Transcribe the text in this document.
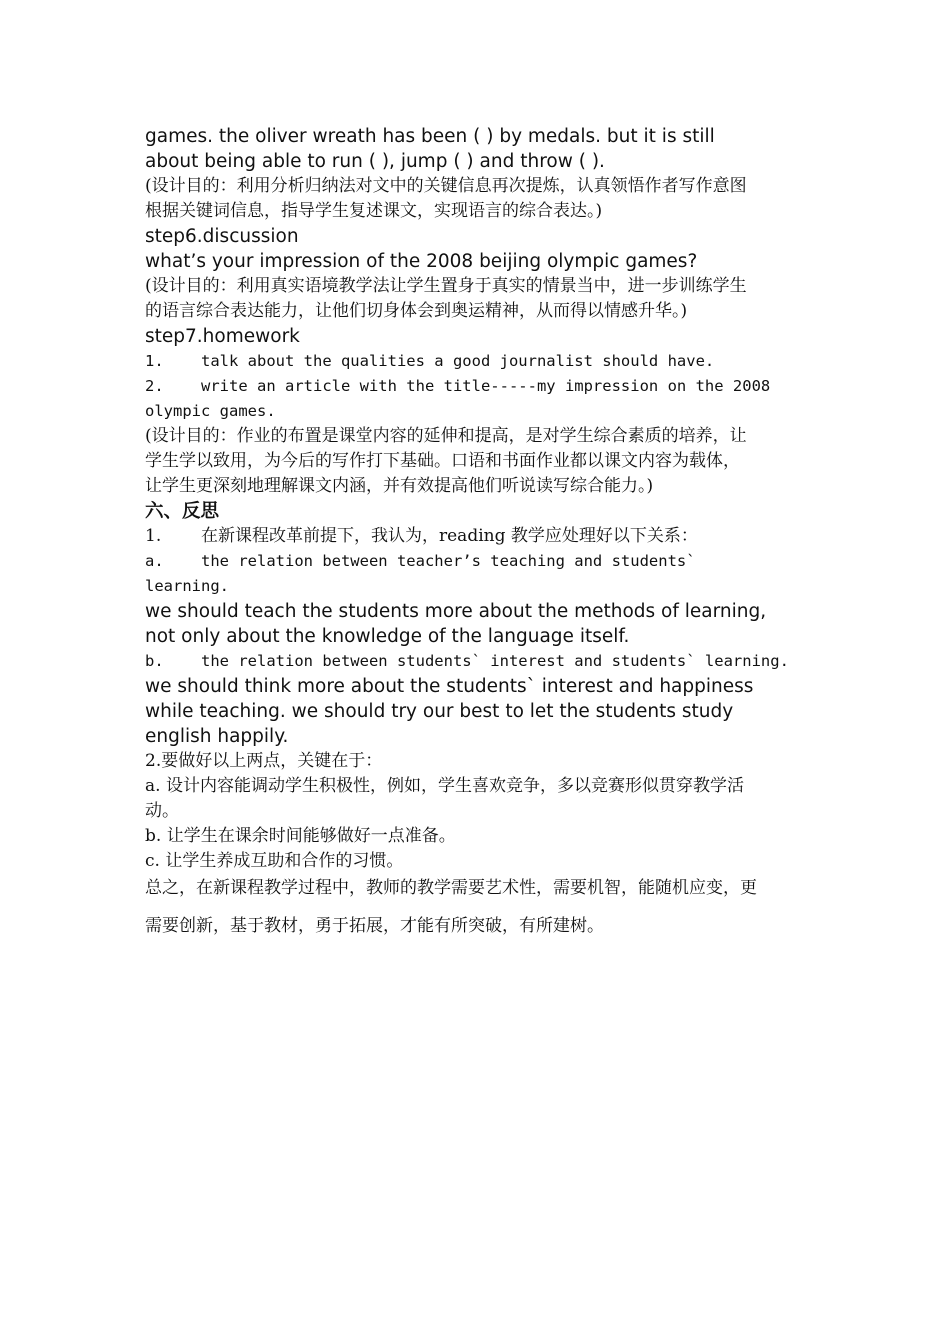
games. the oliver wreath has been ( ) by medals. but it is still
about being able to run ( ), jump ( ) and throw ( ).
(设计目的：利用分析归纳法对文中的关键信息再次提炼，认真领悟作者写作意图
根据关键词信息，指导学生复述课文，实现语言的综合表达。)
step6.discussion
what’s your impression of the 2008 beijing olympic games?
(设计目的：利用真实语境教学法让学生置身于真实的情景当中，进一步训练学生
的语言综合表达能力，让他们切身体会到奥运精神，从而得以情感升华。)
step7.homework
1.	talk about the qualities a good journalist should have.
2.	write an article with the title-----my impression on the 2008
olympic games.
(设计目的：作业的布置是课堂内容的延伸和提高，是对学生综合素质的培养，让
学生学以致用，为今后的写作打下基础。口语和书面作业都以课文内容为载体，
让学生更深刻地理解课文内涵，并有效提高他们听说读写综合能力。)
六、反思
1.	在新课程改革前提下，我认为，reading 教学应处理好以下关系：
a.	the relation between teacher’s teaching and students`
learning.
we should teach the students more about the methods of learning,
not only about the knowledge of the language itself.
b.	the relation between students` interest and students` learning.
we should think more about the students` interest and happiness
while teaching. we should try our best to let the students study
english happily.
2.要做好以上两点，关键在于：
a. 设计内容能调动学生积极性，例如，学生喜欢竞争，多以竞赛形似贯穿教学活
动。
b. 让学生在课余时间能够做好一点准备。
c. 让学生养成互助和合作的习惯。
总之，在新课程教学过程中，教师的教学需要艺术性，需要机智，能随机应变，更
需要创新，基于教材，勇于拓展，才能有所突破，有所建树。
